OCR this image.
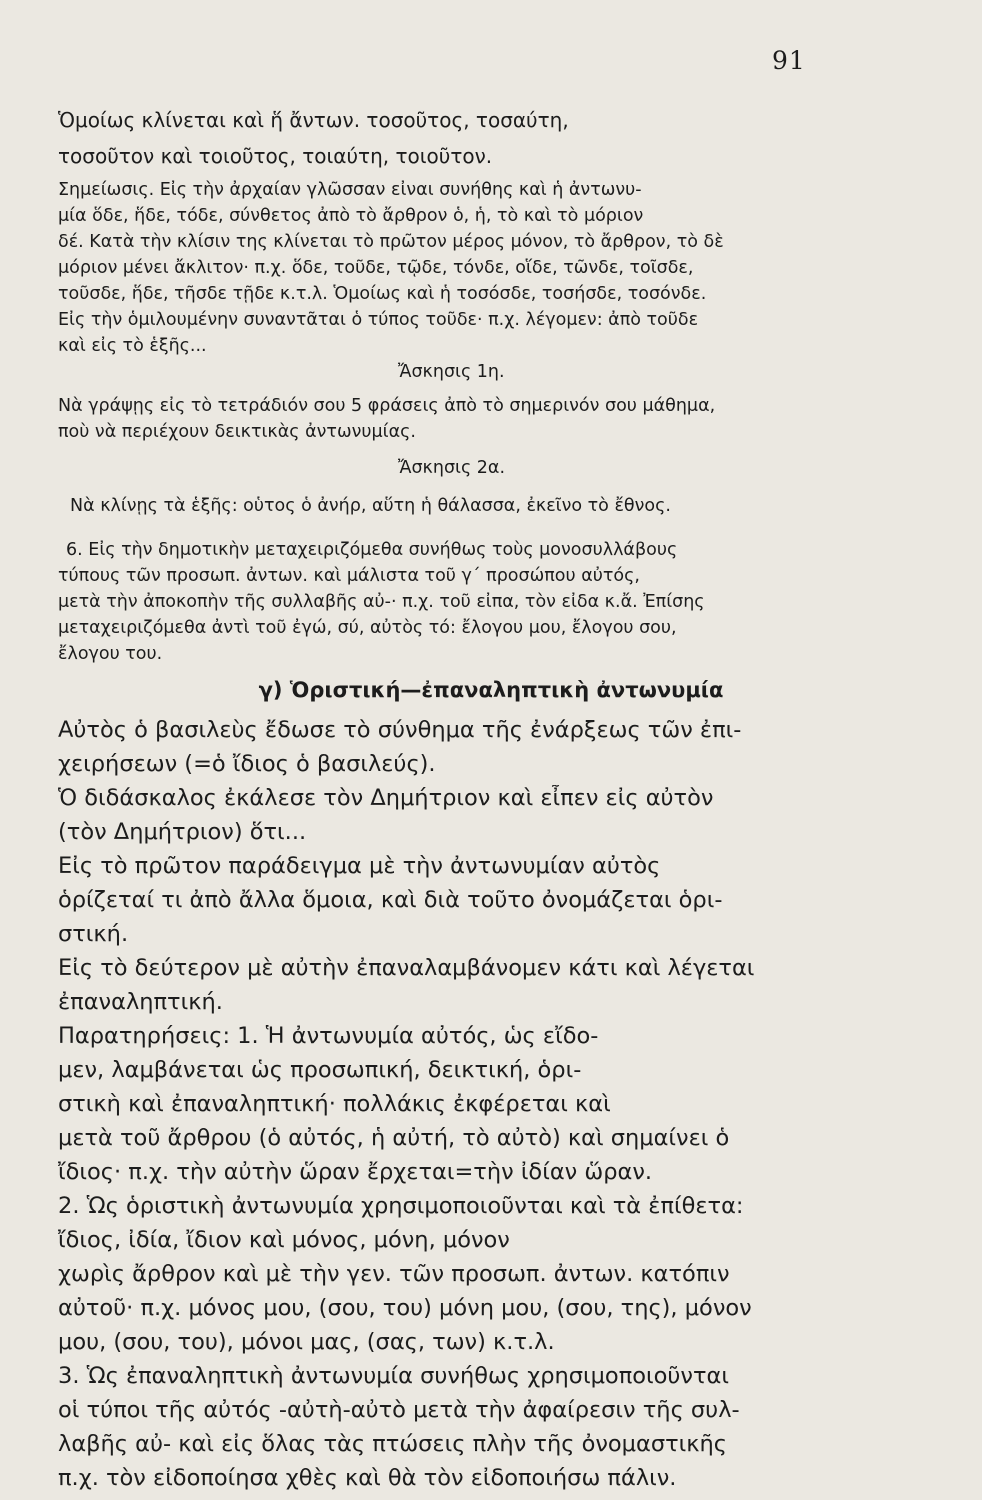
91
Ὁμοίως κλίνεται καὶ ἥ ἄντων. τοσοῦτος, τοσαύτη,
τοσοῦτον καὶ τοιοῦτος, τοιαύτη, τοιοῦτον.
Σημείωσις. Εἰς τὴν ἀρχαίαν γλῶσσαν εἶναι συνήθης καὶ ἡ ἀντωνυ-
μία ὅδε, ἥδε, τόδε, σύνθετος ἀπὸ τὸ ἄρθρον ὁ, ἡ, τὸ καὶ τὸ μόριον
δέ. Κατὰ τὴν κλίσιν της κλίνεται τὸ πρῶτον μέρος μόνον, τὸ ἄρθρον, τὸ δὲ
μόριον μένει ἄκλιτον· π.χ. ὅδε, τοῦδε, τῷδε, τόνδε, οἵδε, τῶνδε, τοῖσδε,
τοῦσδε, ἥδε, τῆσδε τῇδε κ.τ.λ. Ὁμοίως καὶ ἡ τοσόσδε, τοσήσδε, τοσόνδε.
Εἰς τὴν ὁμιλουμένην συναντᾶται ὁ τύπος τοῦδε· π.χ. λέγομεν: ἀπὸ τοῦδε
καὶ εἰς τὸ ἑξῆς...
Ἄσκησις 1η.
Νὰ γράψῃς εἰς τὸ τετράδιόν σου 5 φράσεις ἀπὸ τὸ σημερινόν σου μάθημα,
ποὺ νὰ περιέχουν δεικτικὰς ἀντωνυμίας.
Ἄσκησις 2α.
Νὰ κλίνῃς τὰ ἑξῆς: οὗτος ὁ ἀνήρ, αὕτη ἡ θάλασσα, ἐκεῖνο τὸ ἔθνος.
6. Εἰς τὴν δημοτικὴν μεταχειριζόμεθα συνήθως τοὺς μονοσυλλάβους
τύπους τῶν προσωπ. ἀντων. καὶ μάλιστα τοῦ γ΄ προσώπου αὐτός,
μετὰ τὴν ἀποκοπὴν τῆς συλλαβῆς αὐ-· π.χ. τοῦ εἶπα, τὸν εἶδα κ.ἄ. Ἐπίσης
μεταχειριζόμεθα ἀντὶ τοῦ ἐγώ, σύ, αὐτὸς τό: ἔλογου μου, ἔλογου σου,
ἔλογου του.
γ) Ὁριστική—ἐπαναληπτικὴ ἀντωνυμία
Αὐτὸς ὁ βασιλεὺς ἔδωσε τὸ σύνθημα τῆς ἐνάρξεως τῶν ἐπι-
χειρήσεων (=ὁ ἴδιος ὁ βασιλεύς).
Ὁ διδάσκαλος ἐκάλεσε τὸν Δημήτριον καὶ εἶπεν εἰς αὐτὸν
(τὸν Δημήτριον) ὅτι...
Εἰς τὸ πρῶτον παράδειγμα μὲ τὴν ἀντωνυμίαν αὐτὸς
ὁρίζεταί τι ἀπὸ ἄλλα ὅμοια, καὶ διὰ τοῦτο ὀνομάζεται ὁρι-
στική.
Εἰς τὸ δεύτερον μὲ αὐτὴν ἐπαναλαμβάνομεν κάτι καὶ λέγεται
ἐπαναληπτική.
Παρατηρήσεις: 1. Ἡ ἀντωνυμία αὐτός, ὡς εἴδο-
μεν, λαμβάνεται ὡς προσωπική, δεικτική, ὁρι-
στικὴ καὶ ἐπαναληπτική· πολλάκις ἐκφέρεται καὶ
μετὰ τοῦ ἄρθρου (ὁ αὐτός, ἡ αὐτή, τὸ αὐτὸ) καὶ σημαίνει ὁ
ἴδιος· π.χ. τὴν αὐτὴν ὥραν ἔρχεται=τὴν ἰδίαν ὥραν.
2. Ὡς ὁριστικὴ ἀντωνυμία χρησιμοποιοῦνται καὶ τὰ ἐπίθετα:
ἴδιος, ἰδία, ἴδιον καὶ μόνος, μόνη, μόνον
χωρὶς ἄρθρον καὶ μὲ τὴν γεν. τῶν προσωπ. ἀντων. κατόπιν
αὐτοῦ· π.χ. μόνος μου, (σου, του) μόνη μου, (σου, της), μόνον
μου, (σου, του), μόνοι μας, (σας, των) κ.τ.λ.
3. Ὡς ἐπαναληπτικὴ ἀντωνυμία συνήθως χρησιμοποιοῦνται
οἱ τύποι τῆς αὐτός -αὐτὴ-αὐτὸ μετὰ τὴν ἀφαίρεσιν τῆς συλ-
λαβῆς αὐ- καὶ εἰς ὅλας τὰς πτώσεις πλὴν τῆς ὀνομαστικῆς
π.χ. τὸν εἰδοποίησα χθὲς καὶ θὰ τὸν εἰδοποιήσω πάλιν.
